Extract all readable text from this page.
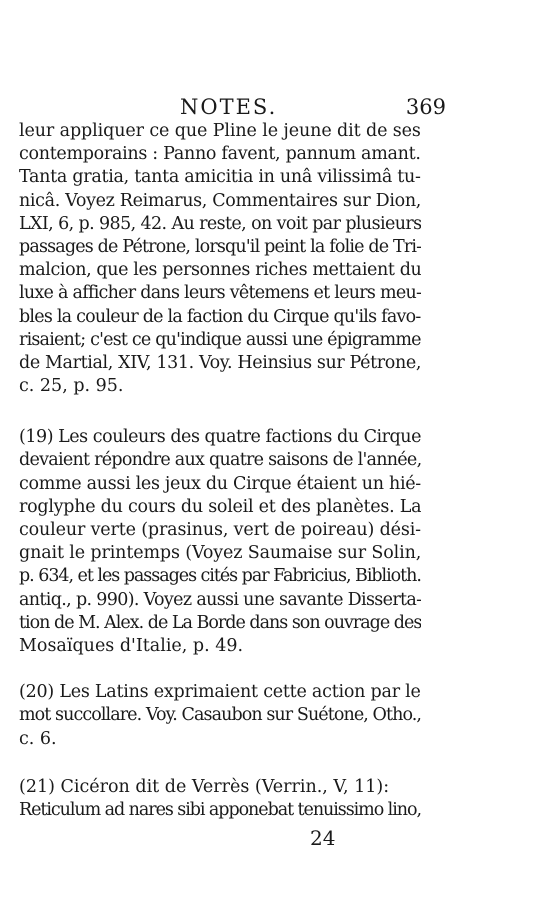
NOTES.	369
leur appliquer ce que Pline le jeune dit de ses
contemporains : Panno favent, pannum amant.
Tanta gratia, tanta amicitia in unâ vilissimâ tu-
nicâ. Voyez Reimarus, Commentaires sur Dion,
LXI, 6, p. 985, 42. Au reste, on voit par plusieurs
passages de Pétrone, lorsqu'il peint la folie de Tri-
malcion, que les personnes riches mettaient du
luxe à afficher dans leurs vêtemens et leurs meu-
bles la couleur de la faction du Cirque qu'ils favo-
risaient; c'est ce qu'indique aussi une épigramme
de Martial, XIV, 131. Voy. Heinsius sur Pétrone,
c. 25, p. 95.
(19) Les couleurs des quatre factions du Cirque
devaient répondre aux quatre saisons de l'année,
comme aussi les jeux du Cirque étaient un hié-
roglyphe du cours du soleil et des planètes. La
couleur verte (prasinus, vert de poireau) dési-
gnait le printemps (Voyez Saumaise sur Solin,
p. 634, et les passages cités par Fabricius, Biblioth.
antiq., p. 990). Voyez aussi une savante Disserta-
tion de M. Alex. de La Borde dans son ouvrage des
Mosaïques d'Italie, p. 49.
(20) Les Latins exprimaient cette action par le
mot succollare. Voy. Casaubon sur Suétone, Otho.,
c. 6.
(21) Cicéron dit de Verrès (Verrin., V, 11):
Reticulum ad nares sibi apponebat tenuissimo lino,
24
